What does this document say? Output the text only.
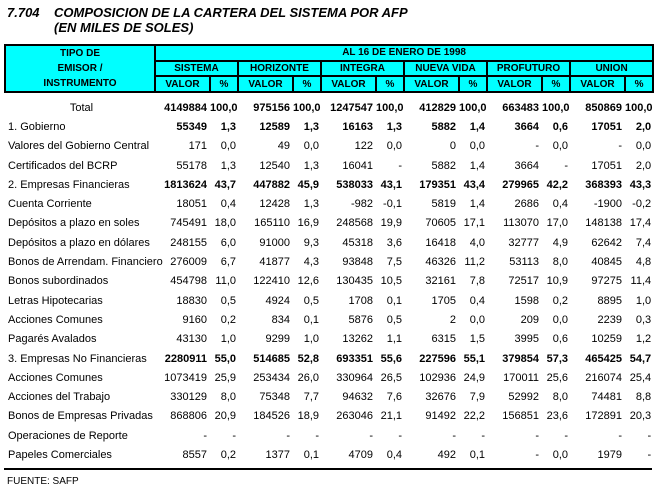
7.704 COMPOSICION DE LA CARTERA DEL SISTEMA POR AFP
(EN MILES DE SOLES)
TIPO DE
EMISOR /
INSTRUMENTO	AL 16 DE ENERO DE 1998											
	SISTEMA		HORIZONTE		INTEGRA		NUEVA VIDA		PROFUTURO		UNION	
	VALOR	%	VALOR	%	VALOR	%	VALOR	%	VALOR	%	VALOR	%
Total	4149884	100,0	975156	100,0	1247547	100,0	412829	100,0	663483	100,0	850869	100,0
1. Gobierno	55349	1,3	12589	1,3	16163	1,3	5882	1,4	3664	0,6	17051	2,0
Valores del Gobierno Central	171	0,0	49	0,0	122	0,0	0	0,0	-	0,0	-	0,0
Certificados del BCRP	55178	1,3	12540	1,3	16041	-	5882	1,4	3664	-	17051	2,0
2. Empresas Financieras	1813624	43,7	447882	45,9	538033	43,1	179351	43,4	279965	42,2	368393	43,3
Cuenta Corriente	18051	0,4	12428	1,3	-982	-0,1	5819	1,4	2686	0,4	-1900	-0,2
Depósitos a plazo en soles	745491	18,0	165110	16,9	248568	19,9	70605	17,1	113070	17,0	148138	17,4
Depósitos a plazo en dólares	248155	6,0	91000	9,3	45318	3,6	16418	4,0	32777	4,9	62642	7,4
Bonos de Arrendam. Financiero	276009	6,7	41877	4,3	93848	7,5	46326	11,2	53113	8,0	40845	4,8
Bonos subordinados	454798	11,0	122410	12,6	130435	10,5	32161	7,8	72517	10,9	97275	11,4
Letras Hipotecarias	18830	0,5	4924	0,5	1708	0,1	1705	0,4	1598	0,2	8895	1,0
Acciones Comunes	9160	0,2	834	0,1	5876	0,5	2	0,0	209	0,0	2239	0,3
Pagarés Avalados	43130	1,0	9299	1,0	13262	1,1	6315	1,5	3995	0,6	10259	1,2
3. Empresas No Financieras	2280911	55,0	514685	52,8	693351	55,6	227596	55,1	379854	57,3	465425	54,7
Acciones Comunes	1073419	25,9	253434	26,0	330964	26,5	102936	24,9	170011	25,6	216074	25,4
Acciones del Trabajo	330129	8,0	75348	7,7	94632	7,6	32676	7,9	52992	8,0	74481	8,8
Bonos de Empresas Privadas	868806	20,9	184526	18,9	263046	21,1	91492	22,2	156851	23,6	172891	20,3
Operaciones de Reporte	-	-	-	-	-	-	-	-	-	-	-	-
Papeles Comerciales	8557	0,2	1377	0,1	4709	0,4	492	0,1	-	0,0	1979	-
FUENTE: SAFP
